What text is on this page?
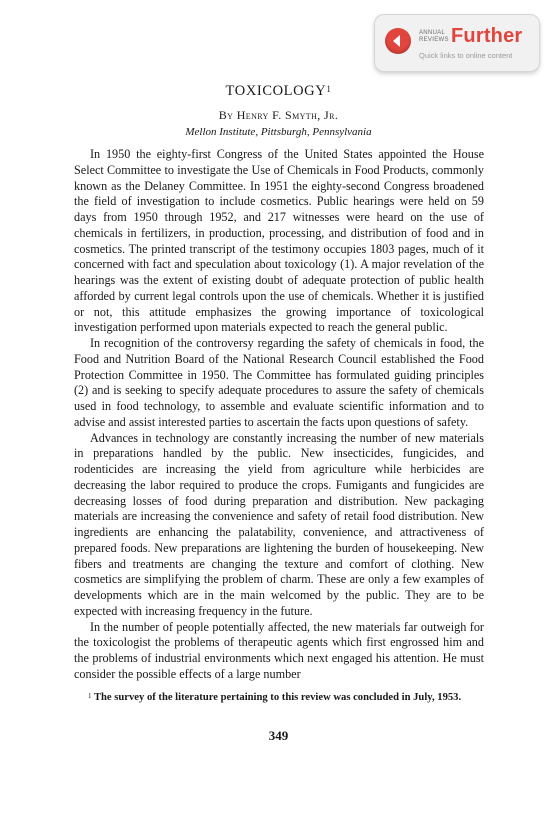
ANNUAL REVIEWS Further
Quick links to online content
TOXICOLOGY$^1$
By Henry F. Smyth, Jr.
Mellon Institute, Pittsburgh, Pennsylvania

In 1950 the eighty-first Congress of the United States appointed the House Select Committee to investigate the Use of Chemicals in Food Products, commonly known as the Delaney Committee. In 1951 the eighty-second Congress broadened the field of investigation to include cosmetics. Public hearings were held on 59 days from 1950 through 1952, and 217 witnesses were heard on the use of chemicals in fertilizers, in production, processing, and distribution of food and in cosmetics. The printed transcript of the testimony occupies 1803 pages, much of it concerned with fact and speculation about toxicology (1). A major revelation of the hearings was the extent of existing doubt of adequate protection of public health afforded by current legal controls upon the use of chemicals. Whether it is justified or not, this attitude emphasizes the growing importance of toxicological investigation performed upon materials expected to reach the general public.

In recognition of the controversy regarding the safety of chemicals in food, the Food and Nutrition Board of the National Research Council established the Food Protection Committee in 1950. The Committee has formulated guiding principles (2) and is seeking to specify adequate procedures to assure the safety of chemicals used in food technology, to assemble and evaluate scientific information and to advise and assist interested parties to ascertain the facts upon questions of safety.

Advances in technology are constantly increasing the number of new materials in preparations handled by the public. New insecticides, fungicides, and rodenticides are increasing the yield from agriculture while herbicides are decreasing the labor required to produce the crops. Fumigants and fungicides are decreasing losses of food during preparation and distribution. New packaging materials are increasing the convenience and safety of retail food distribution. New ingredients are enhancing the palatability, convenience, and attractiveness of prepared foods. New preparations are lightening the burden of housekeeping. New fibers and treatments are changing the texture and comfort of clothing. New cosmetics are simplifying the problem of charm. These are only a few examples of developments which are in the main welcomed by the public. They are to be expected with increasing frequency in the future.

In the number of people potentially affected, the new materials far outweigh for the toxicologist the problems of therapeutic agents which first engrossed him and the problems of industrial environments which next engaged his attention. He must consider the possible effects of a large number

$^1$ The survey of the literature pertaining to this review was concluded in July, 1953.
349
